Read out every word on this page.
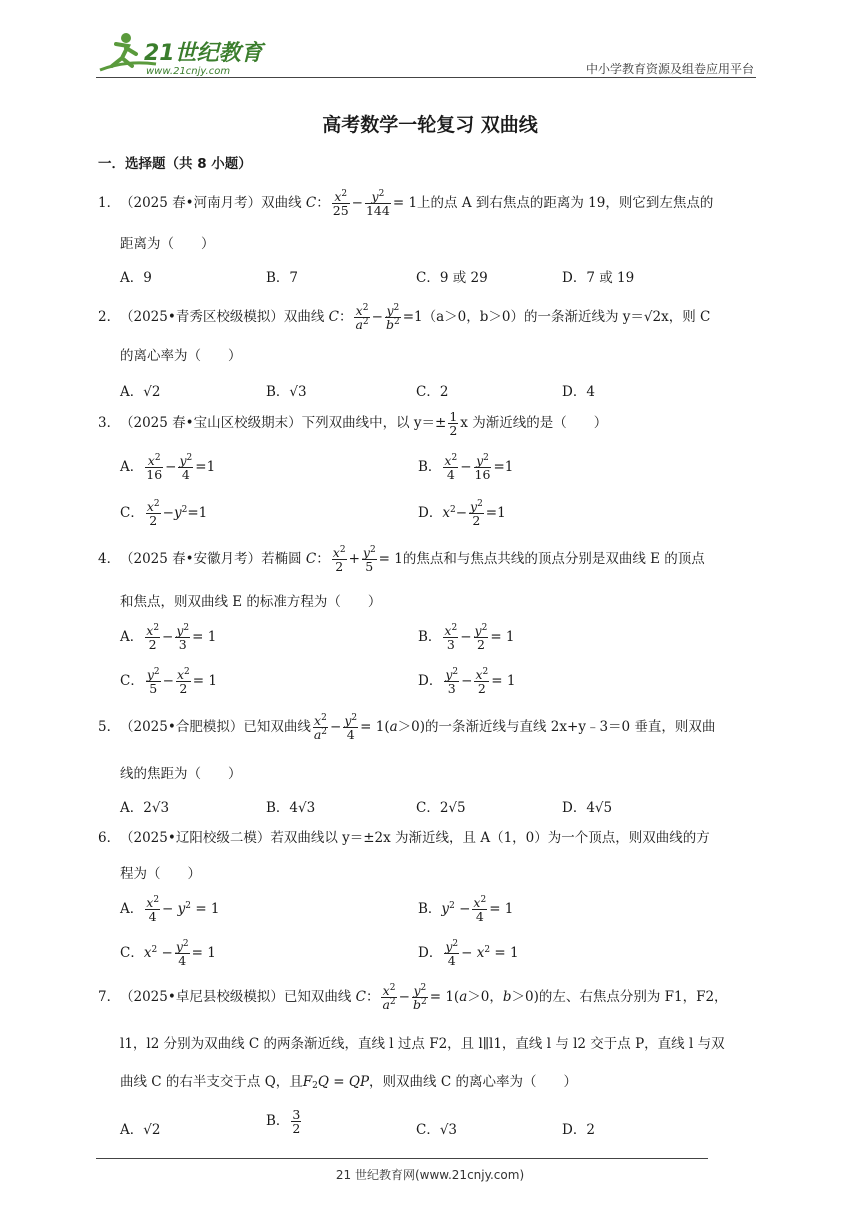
21世纪教育
www.21cnjy.com	中小学教育资源及组卷应用平台
高考数学一轮复习 双曲线
一．选择题（共 8 小题）
1．（2025 春•河南月考）双曲线 C： $\frac{x^2}{25} - \frac{y^2}{144} = 1$上的点 A 到右焦点的距离为 19，则它到左焦点的
距离为（　　）
A．9	B．7	C．9 或 29	D．7 或 19
2．（2025•青秀区校级模拟）双曲线 C： $\frac{x^2}{a^2} - \frac{y^2}{b^2} =1(a>0$，b＞0）的一条渐近线为 y＝√2x，则 C
的离心率为（　　）
A．√2	B．√3	C．2	D．4
3．（2025 春•宝山区校级期末）下列双曲线中，以 $y=\pm \frac{1}{2}$ x 为渐近线的是（　　）
A． $\frac{x^2}{16} - \frac{y^2}{4} =1$	B． $\frac{x^2}{4} - \frac{y^2}{16} =1$
C． $\frac{x^2}{2} -y^2=1$	D．$x^2- \frac{y^2}{2} =1$
4．（2025 春•安徽月考）若椭圆 C： $\frac{x^2}{2} + \frac{y^2}{5} = 1$的焦点和与焦点共线的顶点分别是双曲线 E 的顶点
和焦点，则双曲线 E 的标准方程为（　　）
A． $\frac{x^2}{2} - \frac{y^2}{3} = 1$	B． $\frac{x^2}{3} - \frac{y^2}{2} = 1$
C． $\frac{y^2}{5} - \frac{x^2}{2} = 1$	D． $\frac{y^2}{3} - \frac{x^2}{2} = 1$
5．（2025•合肥模拟）已知双曲线 $\frac{x^2}{a^2} - \frac{y^2}{4} = 1(a>0)$的一条渐近线与直线 2x+y﹣3＝0 垂直，则双曲
线的焦距为（　　）
A．2√3	B．4√3	C．2√5	D．4√5
6．（2025•辽阳校级二模）若双曲线以 y＝±2x 为渐近线，且 A（1，0）为一个顶点，则双曲线的方
程为（　　）
A． $\frac{x^2}{4} - y^2 = 1$	B．$y^2 - \frac{x^2}{4} = 1$
C．$x^2 - \frac{y^2}{4} = 1$	D． $\frac{y^2}{4} - x^2 = 1$
7．（2025•卓尼县校级模拟）已知双曲线 C： $\frac{x^2}{a^2} - \frac{y^2}{b^2} = 1(a>0$，b＞0)的左、右焦点分别为 F1，F2，
l1，l2 分别为双曲线 C 的两条渐近线，直线 l 过点 F2，且 l∥l1，直线 l 与 l2 交于点 P，直线 l 与双
曲线 C 的右半支交于点 Q，且$F_2Q$ = QP，则双曲线 C 的离心率为（　　）
A．√2
B． $\frac{3}{2}$	C．√3	D．2
21 世纪教育网(www.21cnjy.com)
